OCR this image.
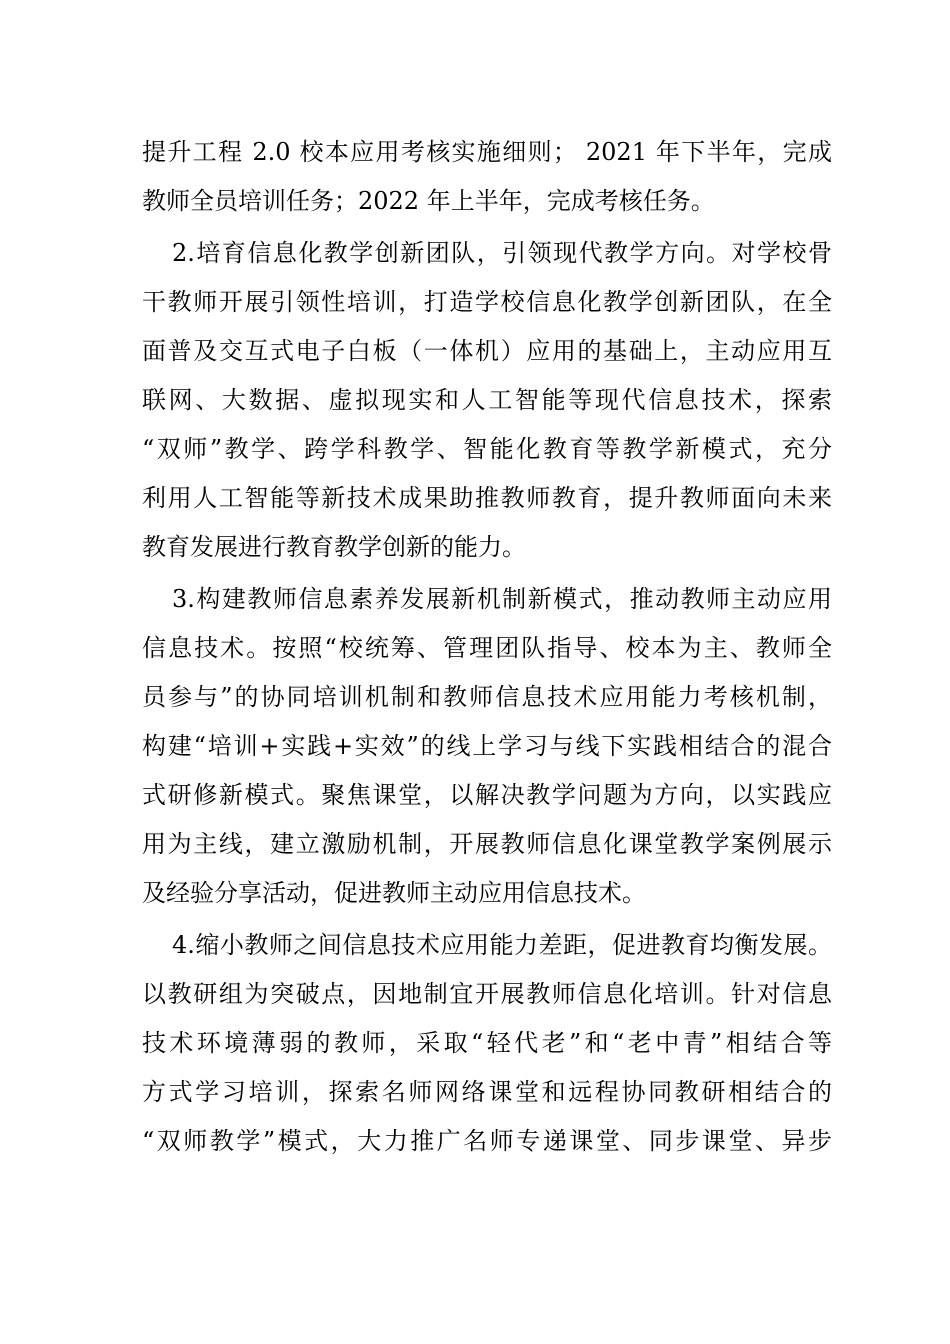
提升工程 2.0 校本应用考核实施细则； 2021 年下半年，完成
教师全员培训任务；2022 年上半年，完成考核任务。
2.培育信息化教学创新团队，引领现代教学方向。对学校骨
干教师开展引领性培训，打造学校信息化教学创新团队，在全
面普及交互式电子白板（一体机）应用的基础上，主动应用互
联网、大数据、虚拟现实和人工智能等现代信息技术，探索
“双师”教学、跨学科教学、智能化教育等教学新模式，充分
利用人工智能等新技术成果助推教师教育，提升教师面向未来
教育发展进行教育教学创新的能力。
3.构建教师信息素养发展新机制新模式，推动教师主动应用
信息技术。按照“校统筹、管理团队指导、校本为主、教师全
员参与”的协同培训机制和教师信息技术应用能力考核机制，
构建“培训+实践+实效”的线上学习与线下实践相结合的混合
式研修新模式。聚焦课堂，以解决教学问题为方向，以实践应
用为主线，建立激励机制，开展教师信息化课堂教学案例展示
及经验分享活动，促进教师主动应用信息技术。
4.缩小教师之间信息技术应用能力差距，促进教育均衡发展。
以教研组为突破点，因地制宜开展教师信息化培训。针对信息
技术环境薄弱的教师，采取“轻代老”和“老中青”相结合等
方式学习培训，探索名师网络课堂和远程协同教研相结合的
“双师教学”模式，大力推广名师专递课堂、同步课堂、异步
